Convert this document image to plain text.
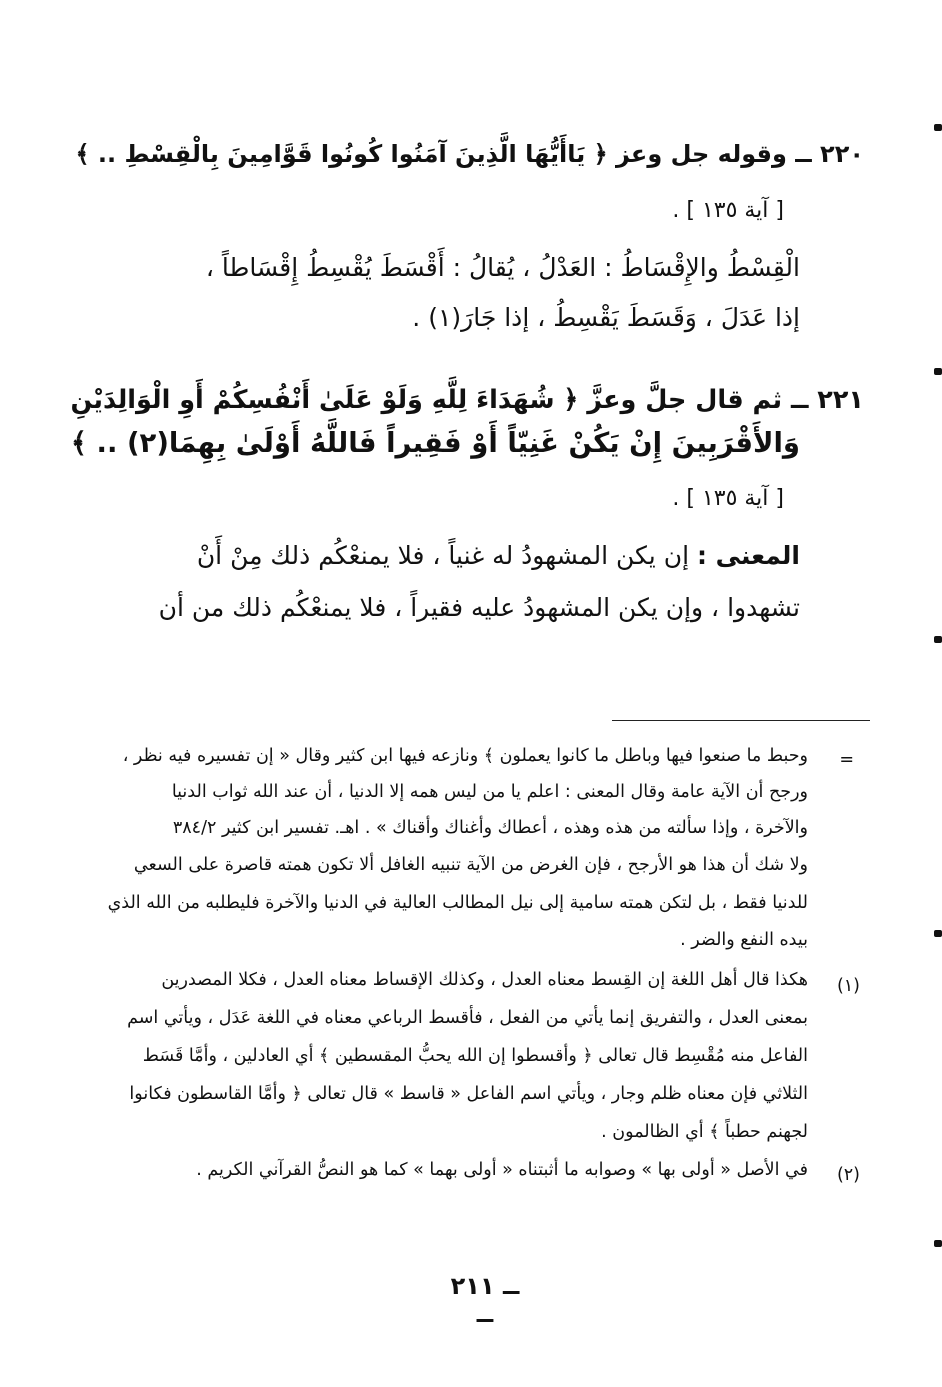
٢٢٠ ــ وقوله جل وعز ﴿ يَاأَيُّهَا الَّذِينَ آمَنُوا كُونُوا قَوَّامِينَ بِالْقِسْطِ .. ﴾
[ آية ١٣٥ ] .
الْقِسْطُ والإِقْسَاطُ : العَدْلُ ، يُقالُ : أَقْسَطَ يُقْسِطُ إِقْسَاطاً ،
إذا عَدَلَ ، وَقَسَطَ يَقْسِطُ ، إذا جَارَ(١) .
٢٢١ ــ ثم قال جلَّ وعزَّ ﴿ شُهَدَاءَ لِلَّهِ وَلَوْ عَلَىٰ أَنْفُسِكُمْ أَوِ الْوَالِدَيْنِ
وَالأَقْرَبِينَ إِنْ يَكُنْ غَنِيّاً أَوْ فَقِيراً فَاللَّهُ أَوْلَىٰ بِهِمَا(٢) .. ﴾
[ آية ١٣٥ ] .
المعنى : إن يكن المشهودُ له غنياً ، فلا يمنعْكُم ذلك مِنْ أَنْ
تشهدوا ، وإن يكن المشهودُ عليه فقيراً ، فلا يمنعْكُم ذلك من أن
=
وحبط ما صنعوا فيها وباطل ما كانوا يعملون ﴾ ونازعه فيها ابن كثير وقال « إن تفسيره فيه نظر ،
ورجح أن الآية عامة وقال المعنى : اعلم يا من ليس همه إلا الدنيا ، أن عند الله ثواب الدنيا
والآخرة ، وإذا سألته من هذه وهذه ، أعطاك وأغناك وأقناك » . اهـ. تفسير ابن كثير ٣٨٤/٢
ولا شك أن هذا هو الأرجح ، فإن الغرض من الآية تنبيه الغافل ألا تكون همته قاصرة على السعي
للدنيا فقط ، بل لتكن همته سامية إلى نيل المطالب العالية في الدنيا والآخرة فليطلبه من الله الذي
بيده النفع والضر .
(١)
هكذا قال أهل اللغة إن القِسط معناه العدل ، وكذلك الإقساط معناه العدل ، فكلا المصدرين
بمعنى العدل ، والتفريق إنما يأتي من الفعل ، فأقسط الرباعي معناه في اللغة عَدَل ، ويأتي اسم
الفاعل منه مُقْسِط قال تعالى ﴿ وأقسطوا إن الله يحبُّ المقسطين ﴾ أي العادلين ، وأمَّا قَسَط
الثلاثي فإن معناه ظلم وجار ، ويأتي اسم الفاعل « قاسط » قال تعالى ﴿ وأمَّا القاسطون فكانوا
لجهنم حطباً ﴾ أي الظالمون .
(٢)
في الأصل « أولى بها » وصوابه ما أثبتناه « أولى بهما » كما هو النصُّ القرآني الكريم .
ــ ٢١١ ــ
